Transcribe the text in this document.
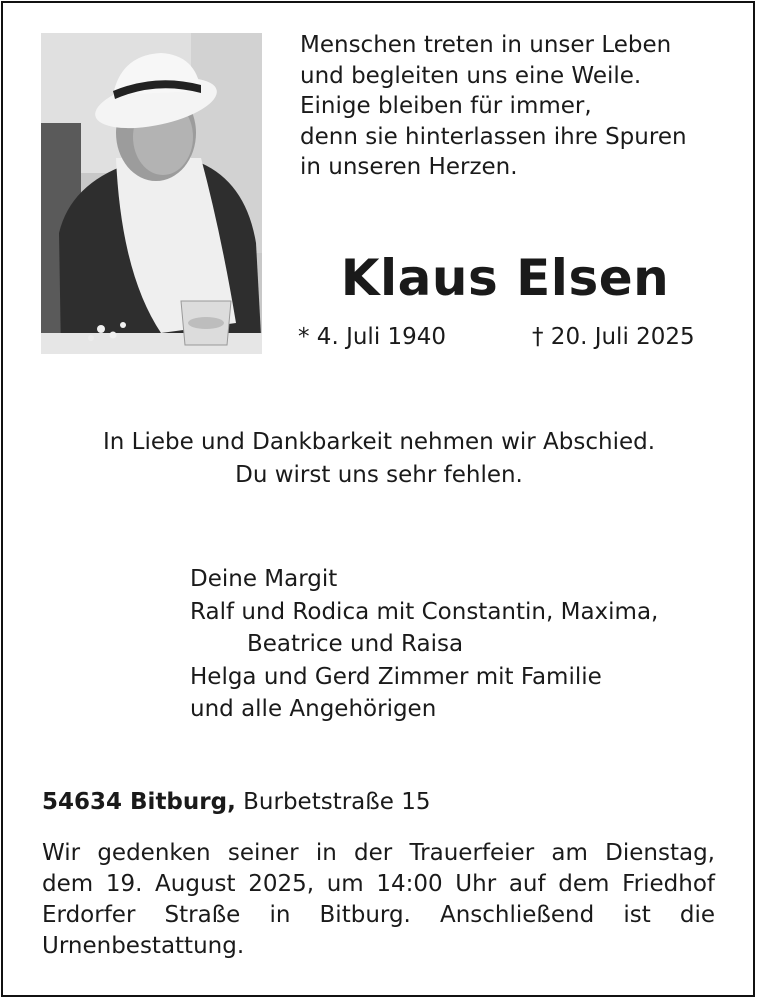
Menschen treten in unser Leben
und begleiten uns eine Weile.
Einige bleiben für immer,
denn sie hinterlassen ihre Spuren
in unseren Herzen.
Klaus Elsen
* 4. Juli 1940	† 20. Juli 2025
In Liebe und Dankbarkeit nehmen wir Abschied.
Du wirst uns sehr fehlen.
Deine Margit
Ralf und Rodica mit Constantin, Maxima,
Beatrice und Raisa
Helga und Gerd Zimmer mit Familie
und alle Angehörigen
54634 Bitburg, Burbetstraße 15
Wir gedenken seiner in der Trauerfeier am Dienstag,
dem 19. August 2025, um 14:00 Uhr auf dem Friedhof
Erdorfer Straße in Bitburg. Anschließend ist die
Urnenbestattung.
